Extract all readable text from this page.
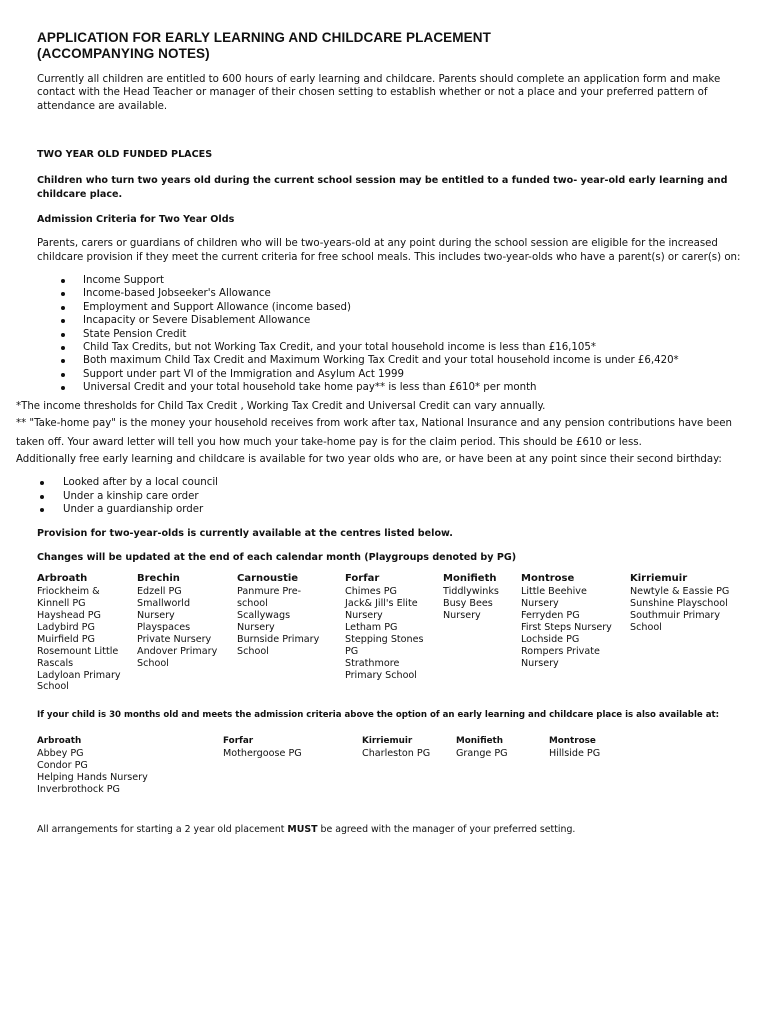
APPLICATION FOR EARLY LEARNING AND CHILDCARE PLACEMENT
(ACCOMPANYING NOTES)

Currently all children are entitled to 600 hours of early learning and childcare. Parents should complete an application form and make contact with the Head Teacher or manager of their chosen setting to establish whether or not a place and your preferred pattern of attendance are available.

TWO YEAR OLD FUNDED PLACES

Children who turn two years old during the current school session may be entitled to a funded two- year-old early learning and childcare place.

Admission Criteria for Two Year Olds

Parents, carers or guardians of children who will be two-years-old at any point during the school session are eligible for the increased childcare provision if they meet the current criteria for free school meals. This includes two-year-olds who have a parent(s) or carer(s) on:

Income Support
Income-based Jobseeker's Allowance
Employment and Support Allowance (income based)
Incapacity or Severe Disablement Allowance
State Pension Credit
Child Tax Credits, but not Working Tax Credit, and your total household income is less than £16,105*
Both maximum Child Tax Credit and Maximum Working Tax Credit and your total household income is under £6,420*
Support under part VI of the Immigration and Asylum Act 1999
Universal Credit and your total household take home pay** is less than £610* per month

*The income thresholds for Child Tax Credit , Working Tax Credit and Universal Credit can vary annually.

** "Take-home pay" is the money your household receives from work after tax, National Insurance and any pension contributions have been taken off. Your award letter will tell you how much your take-home pay is for the claim period. This should be £610 or less.

Additionally free early learning and childcare is available for two year olds who are, or have been at any point since their second birthday:

Looked after by a local council
Under a kinship care order
Under a guardianship order

Provision for two-year-olds is currently available at the centres listed below.

Changes will be updated at the end of each calendar month (Playgroups denoted by PG)

Arbroath
Friockheim &
Kinnell PG
Hayshead PG
Ladybird PG
Muirfield PG
Rosemount Little
Rascals
Ladyloan Primary
School
Brechin
Edzell PG
Smallworld
Nursery
Playspaces
Private Nursery
Andover Primary
School
Carnoustie
Panmure Pre-
school
Scallywags
Nursery
Burnside Primary
School
Forfar
Chimes PG
Jack& Jill's Elite
Nursery
Letham PG
Stepping Stones
PG
Strathmore
Primary School
Monifieth
Tiddlywinks
Busy Bees
Nursery
Montrose
Little Beehive
Nursery
Ferryden PG
First Steps Nursery
Lochside PG
Rompers Private
Nursery
Kirriemuir
Newtyle & Eassie PG
Sunshine Playschool
Southmuir Primary
School

If your child is 30 months old and meets the admission criteria above the option of an early learning and childcare place is also available at:

Arbroath
Abbey PG
Condor PG
Helping Hands Nursery
Inverbrothock PG
Forfar
Mothergoose PG
Kirriemuir
Charleston PG
Monifieth
Grange PG
Montrose
Hillside PG

All arrangements for starting a 2 year old placement MUST be agreed with the manager of your preferred setting.
